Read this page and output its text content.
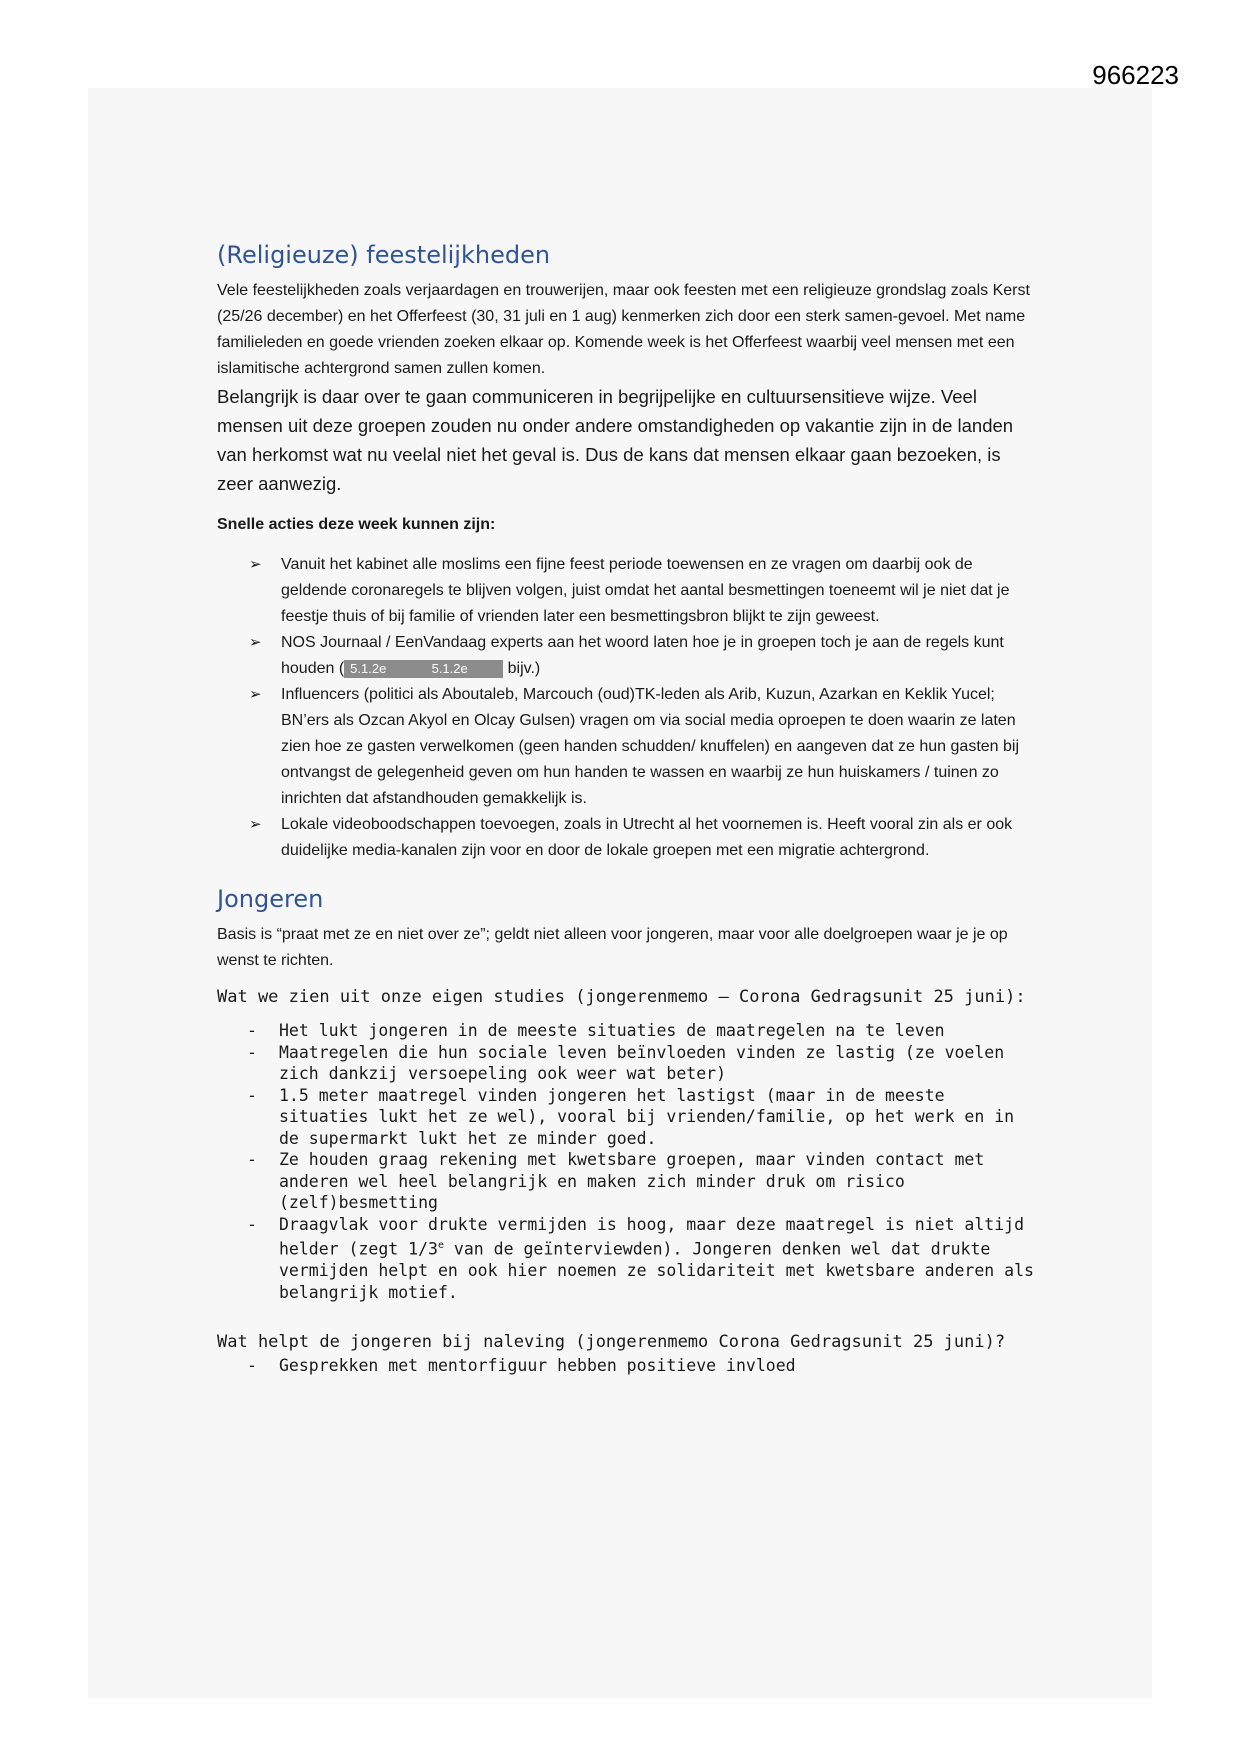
966223
(Religieuze) feestelijkheden

Vele feestelijkheden zoals verjaardagen en trouwerijen, maar ook feesten met een religieuze grondslag zoals Kerst (25/26 december) en het Offerfeest (30, 31 juli en 1 aug) kenmerken zich door een sterk samen-gevoel. Met name familieleden en goede vrienden zoeken elkaar op. Komende week is het Offerfeest waarbij veel mensen met een islamitische achtergrond samen zullen komen.

Belangrijk is daar over te gaan communiceren in begrijpelijke en cultuursensitieve wijze. Veel mensen uit deze groepen zouden nu onder andere omstandigheden op vakantie zijn in de landen van herkomst wat nu veelal niet het geval is. Dus de kans dat mensen elkaar gaan bezoeken, is zeer aanwezig.

Snelle acties deze week kunnen zijn:

➢ Vanuit het kabinet alle moslims een fijne feest periode toewensen en ze vragen om daarbij ook de geldende coronaregels te blijven volgen, juist omdat het aantal besmettingen toeneemt wil je niet dat je feestje thuis of bij familie of vrienden later een besmettingsbron blijkt te zijn geweest.
➢ NOS Journaal / EenVandaag experts aan het woord laten hoe je in groepen toch je aan de regels kunt houden ( 5.1.2e	5.1.2e bijv.)
➢ Influencers (politici als Aboutaleb, Marcouch (oud)TK-leden als Arib, Kuzun, Azarkan en Keklik Yucel; BN’ers als Ozcan Akyol en Olcay Gulsen) vragen om via social media oproepen te doen waarin ze laten zien hoe ze gasten verwelkomen (geen handen schudden/ knuffelen) en aangeven dat ze hun gasten bij ontvangst de gelegenheid geven om hun handen te wassen en waarbij ze hun huiskamers / tuinen zo inrichten dat afstandhouden gemakkelijk is.
➢ Lokale videoboodschappen toevoegen, zoals in Utrecht al het voornemen is. Heeft vooral zin als er ook duidelijke media-kanalen zijn voor en door de lokale groepen met een migratie achtergrond.
Jongeren

Basis is “praat met ze en niet over ze”; geldt niet alleen voor jongeren, maar voor alle doelgroepen waar je je op wenst te richten.

Wat we zien uit onze eigen studies (jongerenmemo – Corona Gedragsunit 25 juni):

- Het lukt jongeren in de meeste situaties de maatregelen na te leven
- Maatregelen die hun sociale leven beïnvloeden vinden ze lastig (ze voelen zich dankzij versoepeling ook weer wat beter)
- 1.5 meter maatregel vinden jongeren het lastigst (maar in de meeste situaties lukt het ze wel), vooral bij vrienden/familie, op het werk en in de supermarkt lukt het ze minder goed.
- Ze houden graag rekening met kwetsbare groepen, maar vinden contact met anderen wel heel belangrijk en maken zich minder druk om risico (zelf)besmetting
- Draagvlak voor drukte vermijden is hoog, maar deze maatregel is niet altijd helder (zegt 1/3e van de geïnterviewden). Jongeren denken wel dat drukte vermijden helpt en ook hier noemen ze solidariteit met kwetsbare anderen als belangrijk motief.

Wat helpt de jongeren bij naleving (jongerenmemo Corona Gedragsunit 25 juni)?

- Gesprekken met mentorfiguur hebben positieve invloed
